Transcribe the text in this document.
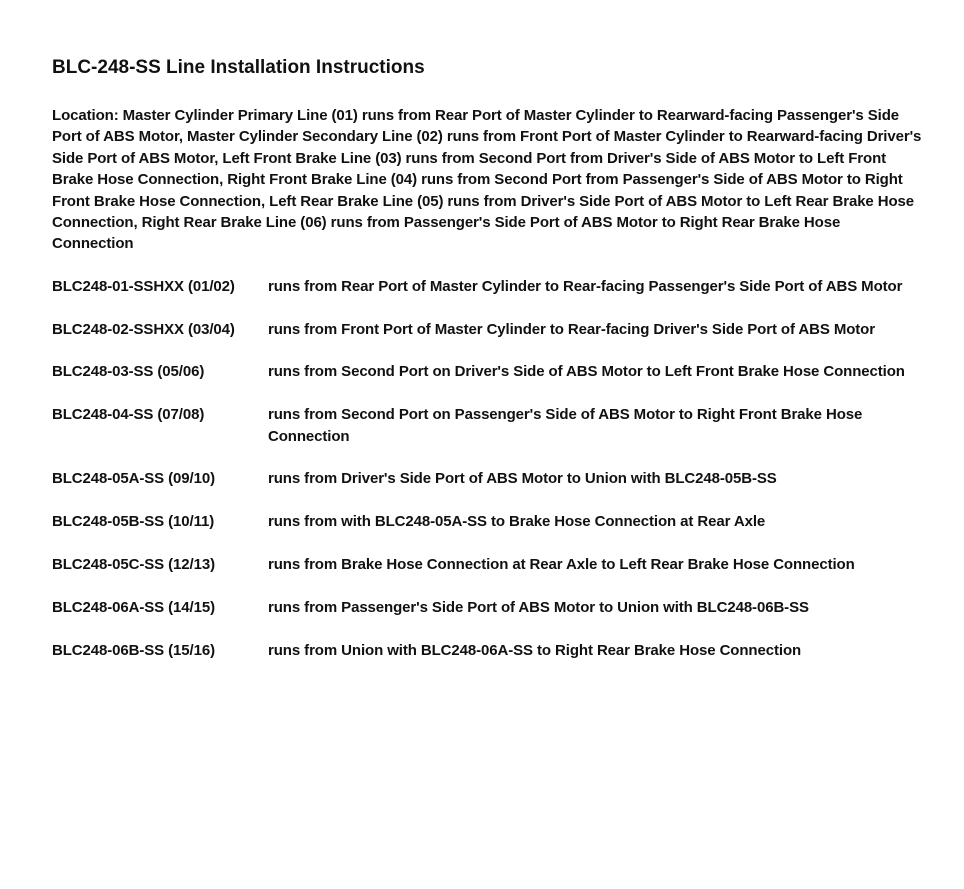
BLC-248-SS Line Installation Instructions

Location: Master Cylinder Primary Line (01) runs from Rear Port of Master Cylinder to Rearward-facing Passenger's Side Port of ABS Motor, Master Cylinder Secondary Line (02) runs from Front Port of Master Cylinder to Rearward-facing Driver's Side Port of ABS Motor, Left Front Brake Line (03) runs from Second Port from Driver's Side of ABS Motor to Left Front Brake Hose Connection, Right Front Brake Line (04) runs from Second Port from Passenger's Side of ABS Motor to Right Front Brake Hose Connection, Left Rear Brake Line (05) runs from Driver's Side Port of ABS Motor to Left Rear Brake Hose Connection, Right Rear Brake Line (06) runs from Passenger's Side Port of ABS Motor to Right Rear Brake Hose Connection

BLC248-01-SSHXX (01/02)	runs from Rear Port of Master Cylinder to Rear-facing Passenger's Side Port of ABS Motor
BLC248-02-SSHXX (03/04)	runs from Front Port of Master Cylinder to Rear-facing Driver's Side Port of ABS Motor
BLC248-03-SS (05/06)	runs from Second Port on Driver's Side of ABS Motor to Left Front Brake Hose Connection
BLC248-04-SS (07/08)	runs from Second Port on Passenger's Side of ABS Motor to Right Front Brake Hose Connection
BLC248-05A-SS (09/10)	runs from Driver's Side Port of ABS Motor to Union with BLC248-05B-SS
BLC248-05B-SS (10/11)	runs from with BLC248-05A-SS to Brake Hose Connection at Rear Axle
BLC248-05C-SS (12/13)	runs from Brake Hose Connection at Rear Axle to Left Rear Brake Hose Connection
BLC248-06A-SS (14/15)	runs from Passenger's Side Port of ABS Motor to Union with BLC248-06B-SS
BLC248-06B-SS (15/16)	runs from Union with BLC248-06A-SS to Right Rear Brake Hose Connection
